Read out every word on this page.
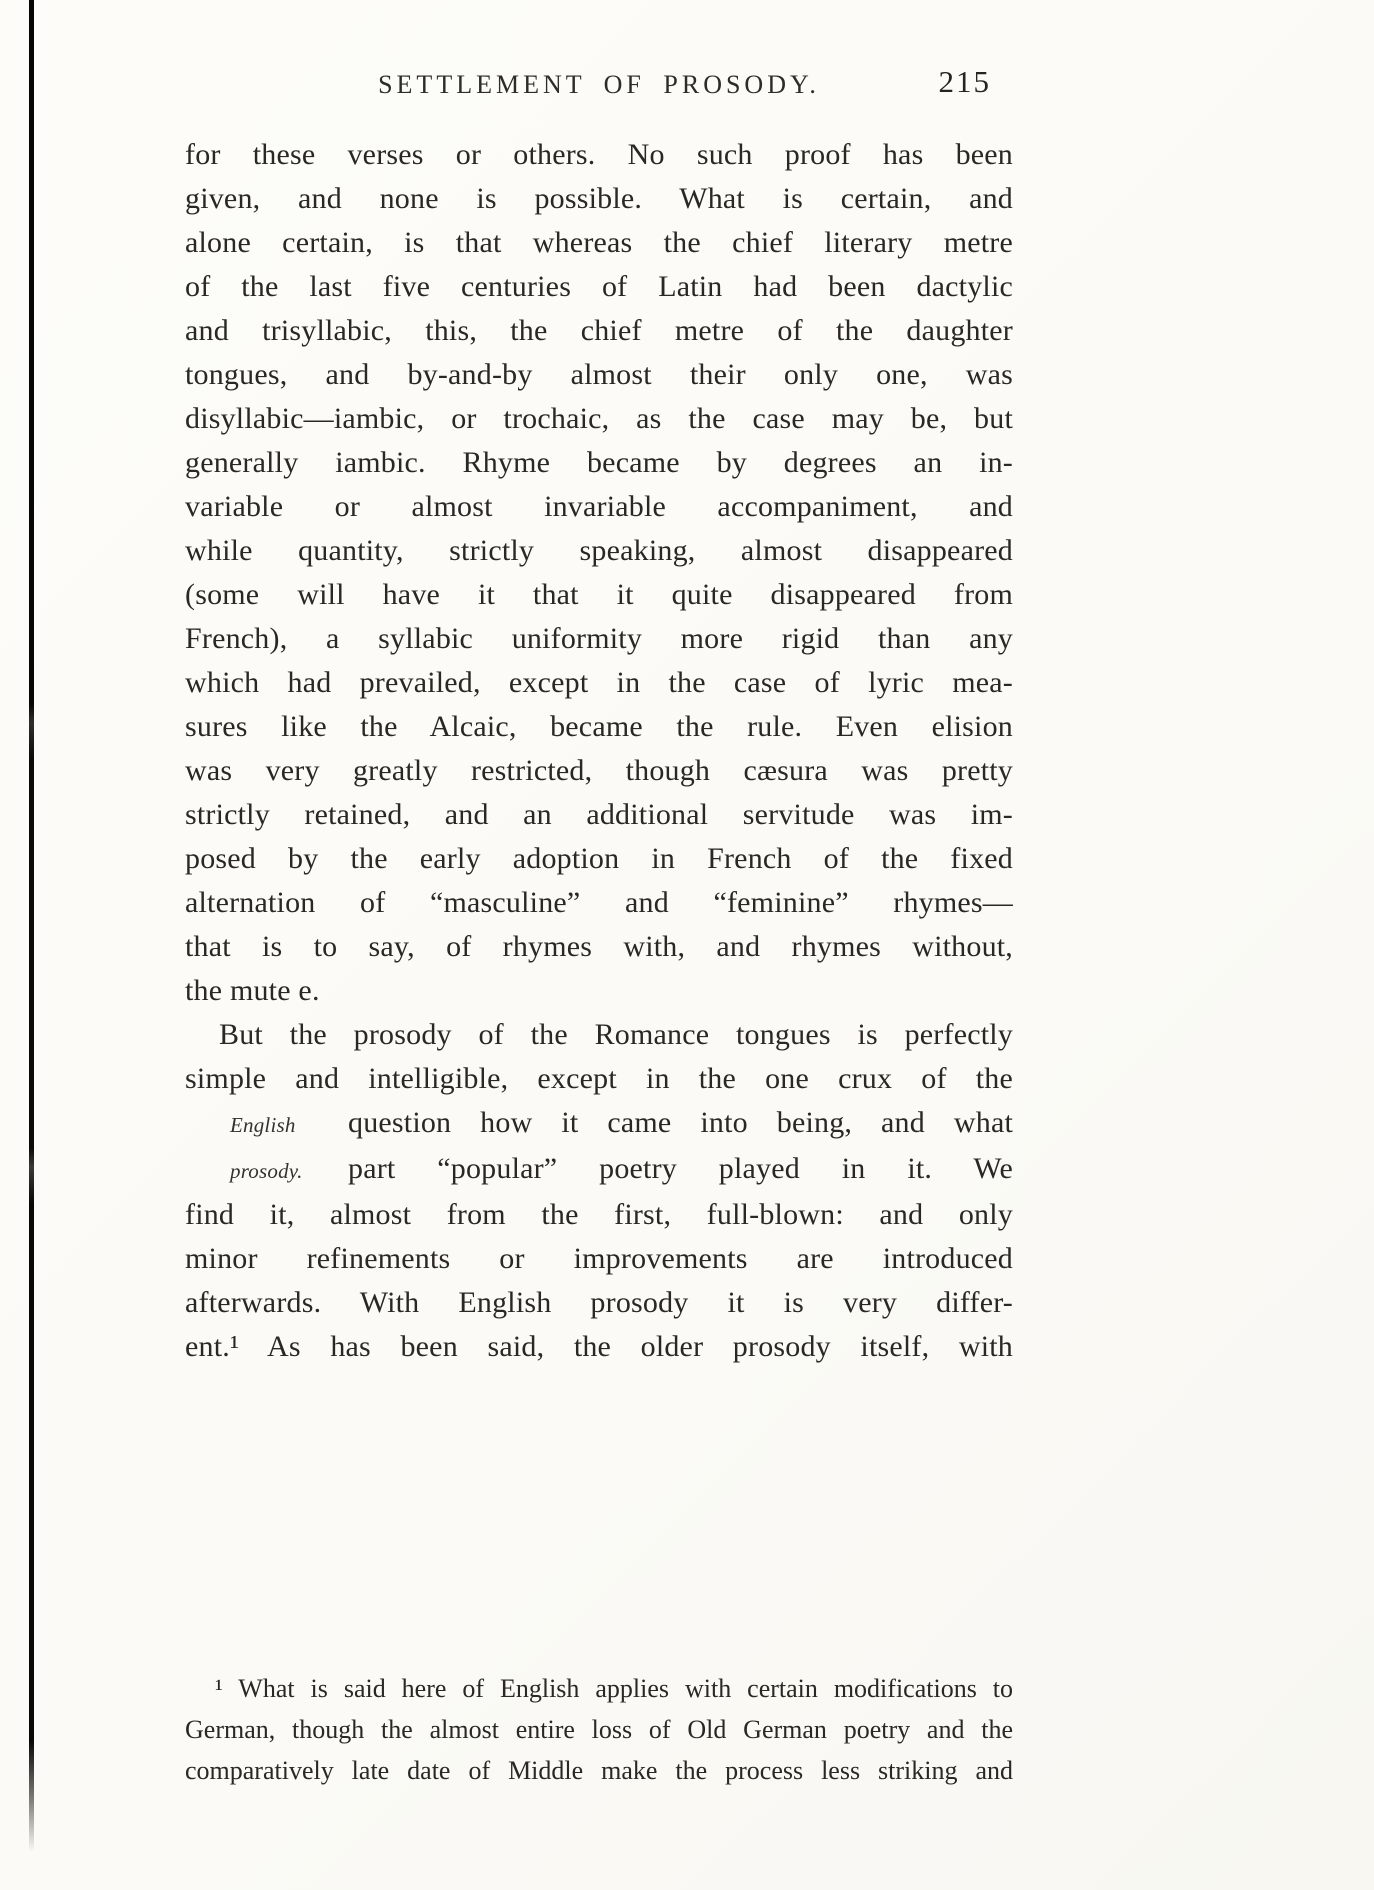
SETTLEMENT OF PROSODY.	215
for these verses or others. No such proof has been
given, and none is possible. What is certain, and
alone certain, is that whereas the chief literary metre
of the last five centuries of Latin had been dactylic
and trisyllabic, this, the chief metre of the daughter
tongues, and by-and-by almost their only one, was
disyllabic—iambic, or trochaic, as the case may be, but
generally iambic. Rhyme became by degrees an in-
variable or almost invariable accompaniment, and
while quantity, strictly speaking, almost disappeared
(some will have it that it quite disappeared from
French), a syllabic uniformity more rigid than any
which had prevailed, except in the case of lyric mea-
sures like the Alcaic, became the rule. Even elision
was very greatly restricted, though cæsura was pretty
strictly retained, and an additional servitude was im-
posed by the early adoption in French of the fixed
alternation of “masculine” and “feminine” rhymes—
that is to say, of rhymes with, and rhymes without,
the mute e.
But the prosody of the Romance tongues is perfectly
simple and intelligible, except in the one crux of the
English	question how it came into being, and what
prosody.	part “popular” poetry played in it. We
find it, almost from the first, full-blown: and only
minor refinements or improvements are introduced
afterwards. With English prosody it is very differ-
ent.¹ As has been said, the older prosody itself, with
¹ What is said here of English applies with certain modifications to
German, though the almost entire loss of Old German poetry and the
comparatively late date of Middle make the process less striking and
